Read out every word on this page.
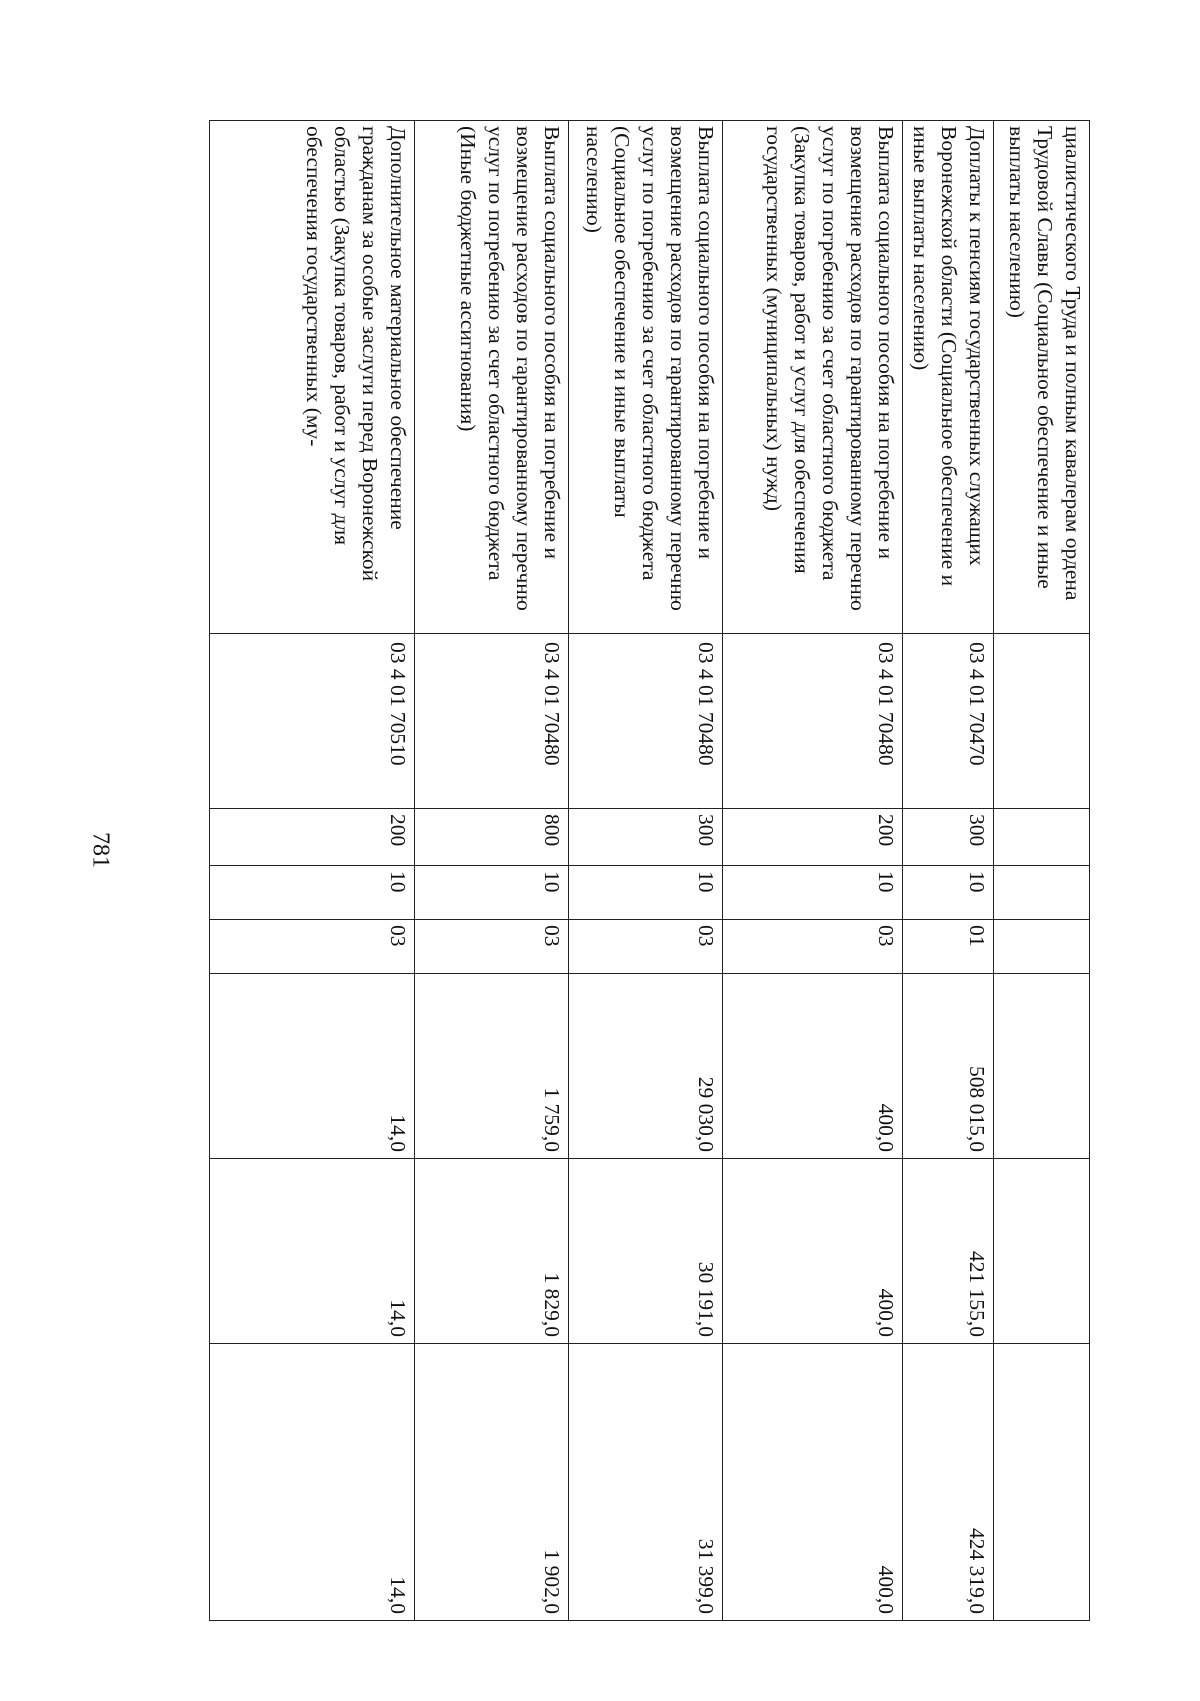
781
циалистического Труда и полным кавалерам ордена Трудовой Славы (Социальное обеспечение и иные выплаты населению)							
Доплаты к пенсиям государственных служащих Воронежской области (Социальное обеспечение и иные выплаты населению)	03 4 01 70470	300	10	01	508 015,0	421 155,0	424 319,0
Выплата социального пособия на погребение и возмещение расходов по гарантированному перечню услуг по погребению за счет областного бюджета (Закупка товаров, работ и услуг для обеспечения государственных (муниципальных) нужд)	03 4 01 70480	200	10	03	400,0	400,0	400,0
Выплата социального пособия на погребение и возмещение расходов по гарантированному перечню услуг по погребению за счет областного бюджета (Социальное обеспечение и иные выплаты населению)	03 4 01 70480	300	10	03	29 030,0	30 191,0	31 399,0
Выплата социального пособия на погребение и возмещение расходов по гарантированному перечню услуг по погребению за счет областного бюджета (Иные бюджетные ассигнования)	03 4 01 70480	800	10	03	1 759,0	1 829,0	1 902,0
Дополнительное материальное обеспечение гражданам за особые заслуги перед Воронежской областью (Закупка товаров, работ и услуг для обеспечения государственных (му-	03 4 01 70510	200	10	03	14,0	14,0	14,0
